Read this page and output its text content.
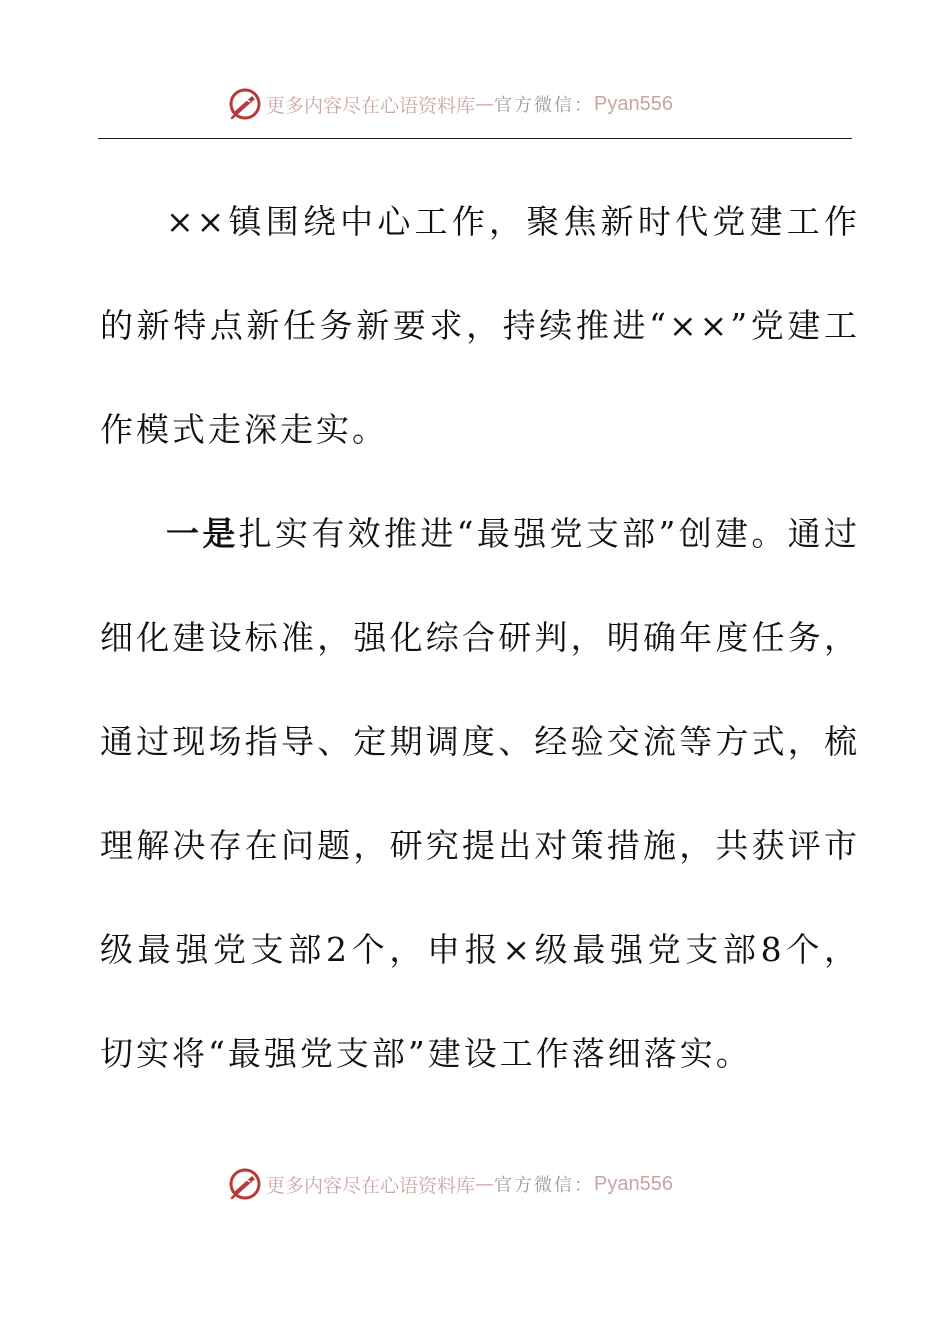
更多内容尽在心语资料库 — 官方微信： Pyan556

××镇围绕中心工作，聚焦新时代党建工作的新特点新任务新要求，持续推进“××”党建工作模式走深走实。

一是扎实有效推进“最强党支部”创建。通过细化建设标准，强化综合研判，明确年度任务，通过现场指导、定期调度、经验交流等方式，梳理解决存在问题，研究提出对策措施，共获评市级最强党支部2个，申报×级最强党支部8个，切实将“最强党支部”建设工作落细落实。

更多内容尽在心语资料库 — 官方微信： Pyan556
